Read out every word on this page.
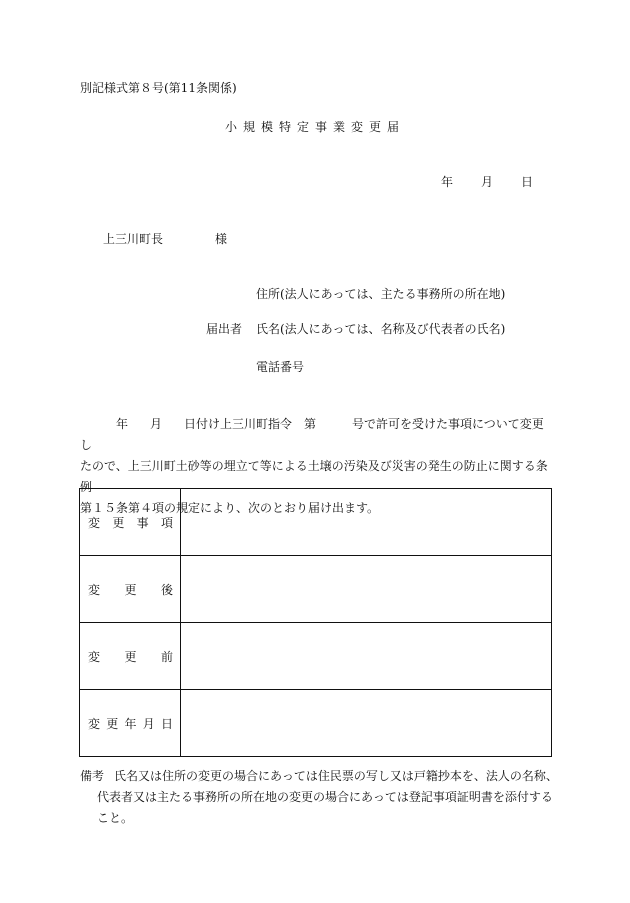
別記様式第８号(第11条関係)
小規模特定事業変更届
年 月 日
上三川町長	様
住所(法人にあっては、主たる事務所の所在地)
届出者 氏名(法人にあっては、名称及び代表者の氏名)
電話番号

年 月 日付け上三川町指令　第	号で許可を受けた事項について変更し

たので、上三川町土砂等の埋立て等による土壌の汚染及び災害の発生の防止に関する条例

第１５条第４項の規定により、次のとおり届け出ます。

変 更 事 項	

変 更 後	

変 更 前	

変 更 年 月 日	

備考 氏名又は住所の変更の場合にあっては住民票の写し又は戸籍抄本を、法人の名称、
代表者又は主たる事務所の所在地の変更の場合にあっては登記事項証明書を添付する
こと。
